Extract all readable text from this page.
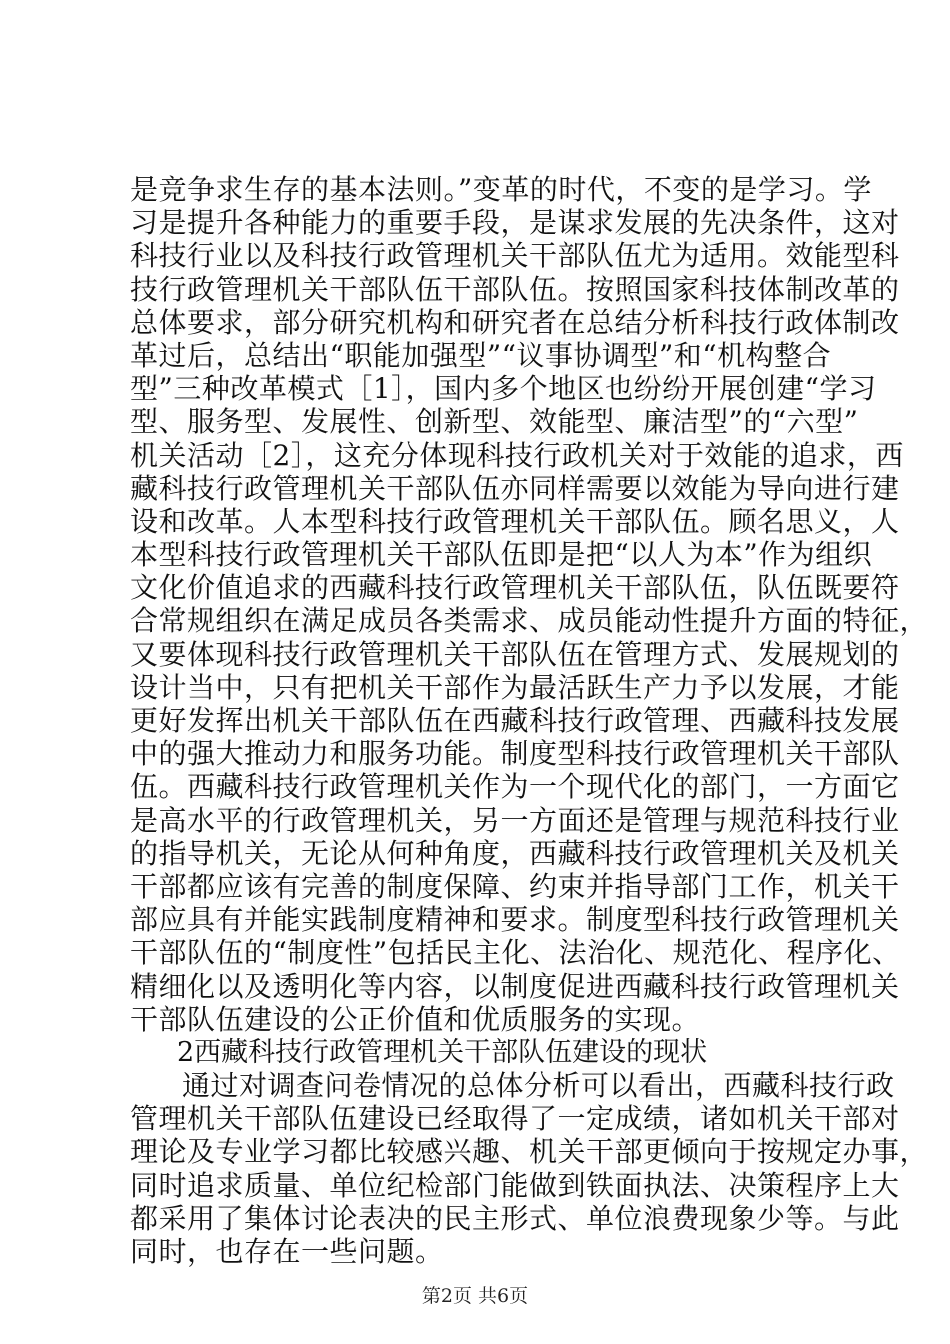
是竞争求生存的基本法则。”变革的时代，不变的是学习。学
习是提升各种能力的重要手段，是谋求发展的先决条件，这对
科技行业以及科技行政管理机关干部队伍尤为适用。效能型科
技行政管理机关干部队伍干部队伍。按照国家科技体制改革的
总体要求，部分研究机构和研究者在总结分析科技行政体制改
革过后，总结出“职能加强型”“议事协调型”和“机构整合
型”三种改革模式［1］，国内多个地区也纷纷开展创建“学习
型、服务型、发展性、创新型、效能型、廉洁型”的“六型”
机关活动［2］，这充分体现科技行政机关对于效能的追求，西
藏科技行政管理机关干部队伍亦同样需要以效能为导向进行建
设和改革。人本型科技行政管理机关干部队伍。顾名思义，人
本型科技行政管理机关干部队伍即是把“以人为本”作为组织
文化价值追求的西藏科技行政管理机关干部队伍，队伍既要符
合常规组织在满足成员各类需求、成员能动性提升方面的特征，
又要体现科技行政管理机关干部队伍在管理方式、发展规划的
设计当中，只有把机关干部作为最活跃生产力予以发展，才能
更好发挥出机关干部队伍在西藏科技行政管理、西藏科技发展
中的强大推动力和服务功能。制度型科技行政管理机关干部队
伍。西藏科技行政管理机关作为一个现代化的部门，一方面它
是高水平的行政管理机关，另一方面还是管理与规范科技行业
的指导机关，无论从何种角度，西藏科技行政管理机关及机关
干部都应该有完善的制度保障、约束并指导部门工作，机关干
部应具有并能实践制度精神和要求。制度型科技行政管理机关
干部队伍的“制度性”包括民主化、法治化、规范化、程序化、
精细化以及透明化等内容，以制度促进西藏科技行政管理机关
干部队伍建设的公正价值和优质服务的实现。
2西藏科技行政管理机关干部队伍建设的现状
通过对调查问卷情况的总体分析可以看出，西藏科技行政
管理机关干部队伍建设已经取得了一定成绩，诸如机关干部对
理论及专业学习都比较感兴趣、机关干部更倾向于按规定办事，
同时追求质量、单位纪检部门能做到铁面执法、决策程序上大
都采用了集体讨论表决的民主形式、单位浪费现象少等。与此
同时，也存在一些问题。
第2页 共6页
